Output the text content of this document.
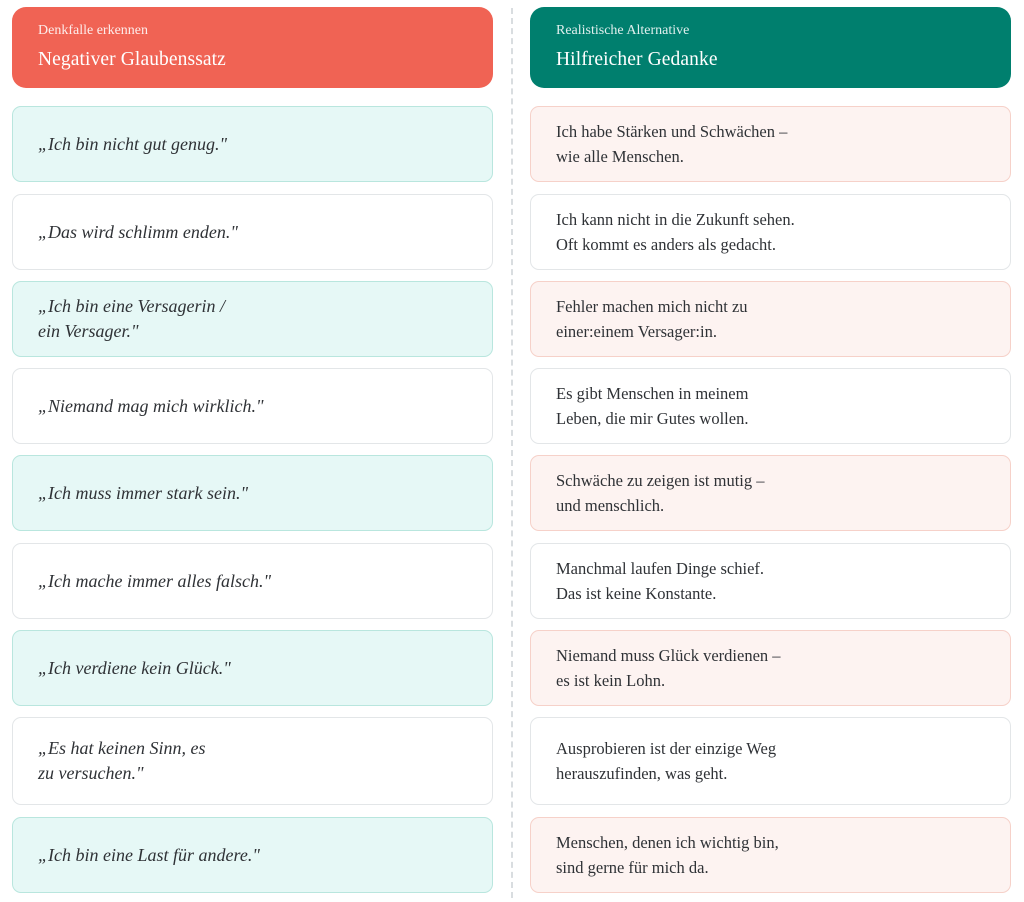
Denkfalle erkennen
Negativer Glaubenssatz
„Ich bin nicht gut genug."
„Das wird schlimm enden."
„Ich bin eine Versagerin /
ein Versager."
„Niemand mag mich wirklich."
„Ich muss immer stark sein."
„Ich mache immer alles falsch."
„Ich verdiene kein Glück."
„Es hat keinen Sinn, es
zu versuchen."
„Ich bin eine Last für andere."
Realistische Alternative
Hilfreicher Gedanke
Ich habe Stärken und Schwächen –
wie alle Menschen.
Ich kann nicht in die Zukunft sehen.
Oft kommt es anders als gedacht.
Fehler machen mich nicht zu
einer:einem Versager:in.
Es gibt Menschen in meinem
Leben, die mir Gutes wollen.
Schwäche zu zeigen ist mutig –
und menschlich.
Manchmal laufen Dinge schief.
Das ist keine Konstante.
Niemand muss Glück verdienen –
es ist kein Lohn.
Ausprobieren ist der einzige Weg
herauszufinden, was geht.
Menschen, denen ich wichtig bin,
sind gerne für mich da.
